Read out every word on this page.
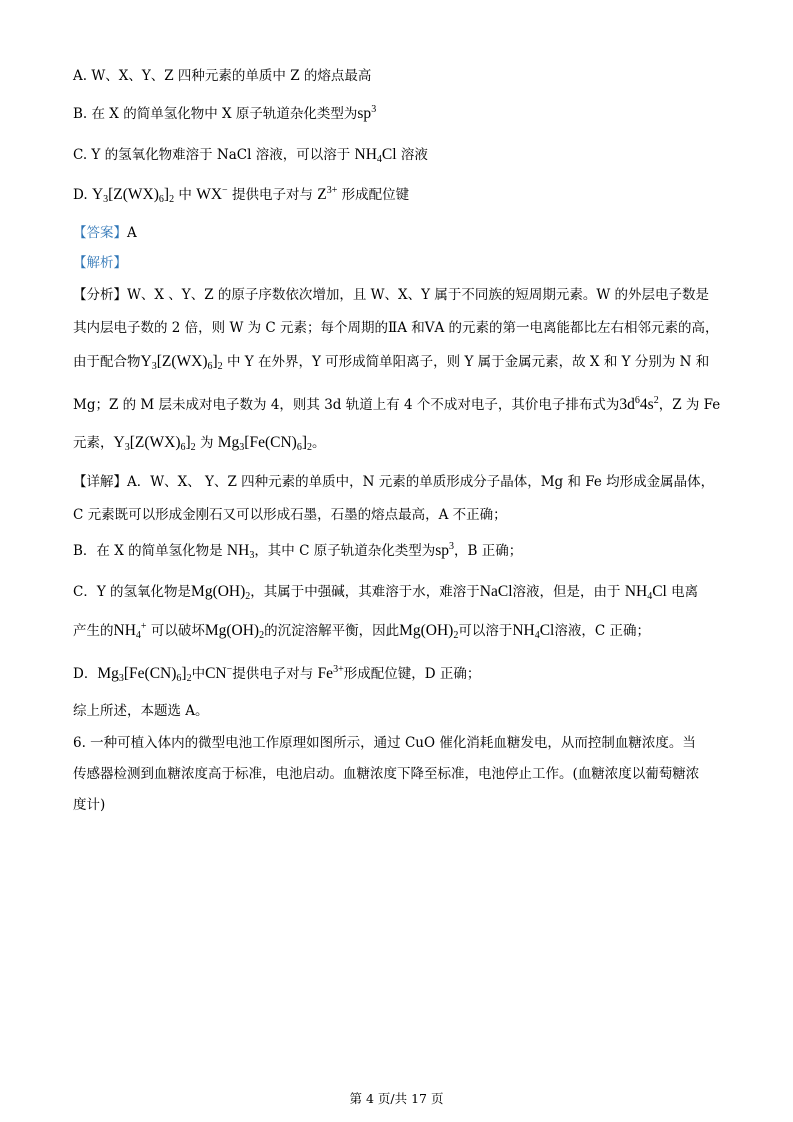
A. W、X、Y、Z 四种元素的单质中 Z 的熔点最高
B. 在 X 的简单氢化物中 X 原子轨道杂化类型为$sp^3$
C. Y 的氢氧化物难溶于 NaCl 溶液，可以溶于 $NH_4Cl$ 溶液
D. $Y_3[Z(WX)_6]_2$ 中 WX− 提供电子对与 $Z^{3+}$ 形成配位键
【答案】A
【解析】
【分析】W、X 、Y、Z 的原子序数依次增加，且 W、X、Y 属于不同族的短周期元素。W 的外层电子数是
其内层电子数的 2 倍，则 W 为 C 元素；每个周期的ⅡA 和ⅤA 的元素的第一电离能都比左右相邻元素的高，
由于配合物$Y_3[Z(WX)_6]_2$ 中 Y 在外界，Y 可形成简单阳离子，则 Y 属于金属元素，故 X 和 Y 分别为 N 和
Mg；Z 的 M 层未成对电子数为 4，则其 3d 轨道上有 4 个不成对电子，其价电子排布式为$3d^64s^2$，Z 为 Fe
元素，$Y_3[Z(WX)_6]_2$ 为 $Mg_3[Fe(CN)_6]_2$。
【详解】A．W、X、 Y、Z 四种元素的单质中，N 元素的单质形成分子晶体，Mg 和 Fe 均形成金属晶体，
C 元素既可以形成金刚石又可以形成石墨，石墨的熔点最高，A 不正确；
B．在 X 的简单氢化物是 $NH_3$，其中 C 原子轨道杂化类型为$sp^3$，B 正确；
C．Y 的氢氧化物是$Mg(OH)_2$，其属于中强碱，其难溶于水，难溶于NaCl溶液，但是，由于 $NH_4Cl$ 电离
产生的$NH_4^+$ 可以破坏$Mg(OH)_2$的沉淀溶解平衡，因此$Mg(OH)_2$可以溶于$NH_4Cl$溶液，C 正确；
D．$Mg_3[Fe(CN)_6]_2$中CN−提供电子对与 $Fe^{3+}$形成配位键，D 正确；
综上所述，本题选 A。
6. 一种可植入体内的微型电池工作原理如图所示，通过 CuO 催化消耗血糖发电，从而控制血糖浓度。当
传感器检测到血糖浓度高于标准，电池启动。血糖浓度下降至标准，电池停止工作。(血糖浓度以葡萄糖浓
度计)
第 4 页/共 17 页
